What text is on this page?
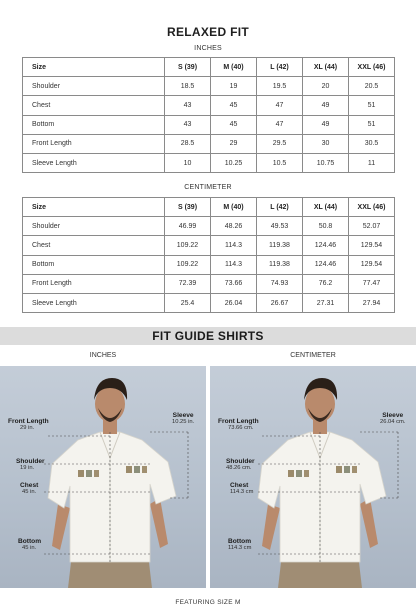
RELAXED FIT
INCHES
Size	S (39)	M (40)	L (42)	XL (44)	XXL (46)
Shoulder	18.5	19	19.5	20	20.5
Chest	43	45	47	49	51
Bottom	43	45	47	49	51
Front Length	28.5	29	29.5	30	30.5
Sleeve Length	10	10.25	10.5	10.75	11
CENTIMETER
Size	S (39)	M (40)	L (42)	XL (44)	XXL (46)
Shoulder	46.99	48.26	49.53	50.8	52.07
Chest	109.22	114.3	119.38	124.46	129.54
Bottom	109.22	114.3	119.38	124.46	129.54
Front Length	72.39	73.66	74.93	76.2	77.47
Sleeve Length	25.4	26.04	26.67	27.31	27.94
FIT GUIDE SHIRTS
INCHES	CENTIMETER
Front Length
29 in.
Sleeve
10.25 in.
Shoulder
19 in.
Chest
45 in.
Bottom
45 in.
Front Length
73.66 cm.
Sleeve
26.04 cm.
Shoulder
48.26 cm.
Chest
114.3 cm
Bottom
114.3 cm
FEATURING SIZE M
